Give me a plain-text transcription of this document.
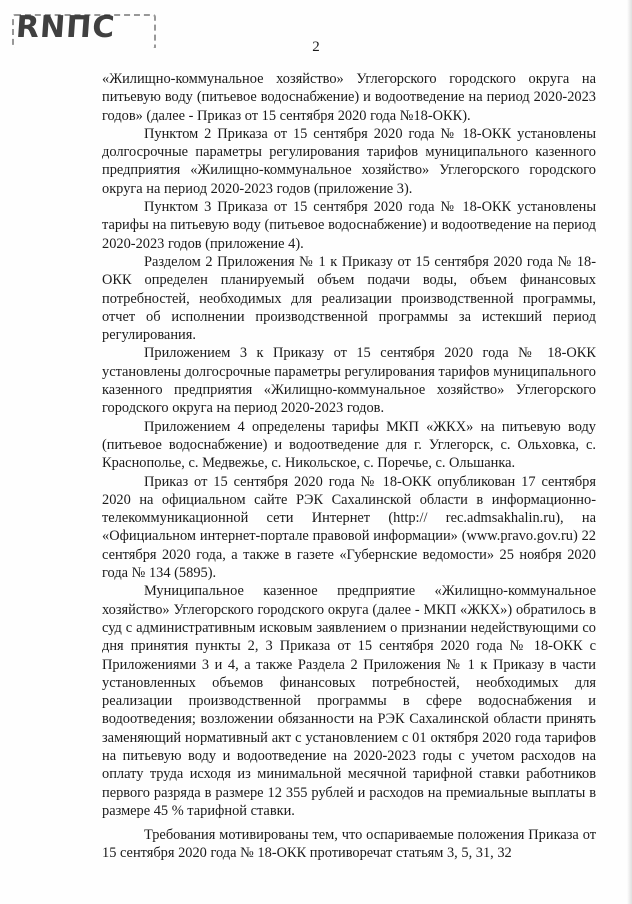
RNПС
2

«Жилищно-коммунальное хозяйство» Углегорского городского округа на питьевую воду (питьевое водоснабжение) и водоотведение на период 2020-2023 годов» (далее - Приказ от 15 сентября 2020 года №18-ОКК).

Пунктом 2 Приказа от 15 сентября 2020 года № 18-ОКК установлены долгосрочные параметры регулирования тарифов муниципального казенного предприятия «Жилищно-коммунальное хозяйство» Углегорского городского округа на период 2020-2023 годов (приложение 3).

Пунктом 3 Приказа от 15 сентября 2020 года № 18-ОКК установлены тарифы на питьевую воду (питьевое водоснабжение) и водоотведение на период 2020-2023 годов (приложение 4).

Разделом 2 Приложения № 1 к Приказу от 15 сентября 2020 года № 18-ОКК определен планируемый объем подачи воды, объем финансовых потребностей, необходимых для реализации производственной программы, отчет об исполнении производственной программы за истекший период регулирования.

Приложением 3 к Приказу от 15 сентября 2020 года № 18-ОКК установлены долгосрочные параметры регулирования тарифов муниципального казенного предприятия «Жилищно-коммунальное хозяйство» Углегорского городского округа на период 2020-2023 годов.

Приложением 4 определены тарифы МКП «ЖКХ» на питьевую воду (питьевое водоснабжение) и водоотведение для г. Углегорск, с. Ольховка, с. Краснополье, с. Медвежье, с. Никольское, с. Поречье, с. Ольшанка.

Приказ от 15 сентября 2020 года № 18-ОКК опубликован 17 сентября 2020 на официальном сайте РЭК Сахалинской области в информационно-телекоммуникационной сети Интернет (http:// rec.admsakhalin.ru), на «Официальном интернет-портале правовой информации» (www.pravo.gov.ru) 22 сентября 2020 года, а также в газете «Губернские ведомости» 25 ноября 2020 года № 134 (5895).

Муниципальное казенное предприятие «Жилищно-коммунальное хозяйство» Углегорского городского округа (далее - МКП «ЖКХ») обратилось в суд с административным исковым заявлением о признании недействующими со дня принятия пункты 2, 3 Приказа от 15 сентября 2020 года № 18-ОКК с Приложениями 3 и 4, а также Раздела 2 Приложения № 1 к Приказу в части установленных объемов финансовых потребностей, необходимых для реализации производственной программы в сфере водоснабжения и водоотведения; возложении обязанности на РЭК Сахалинской области принять заменяющий нормативный акт с установлением с 01 октября 2020 года тарифов на питьевую воду и водоотведение на 2020-2023 годы с учетом расходов на оплату труда исходя из минимальной месячной тарифной ставки работников первого разряда в размере 12 355 рублей и расходов на премиальные выплаты в размере 45 % тарифной ставки.

Требования мотивированы тем, что оспариваемые положения Приказа от 15 сентября 2020 года № 18-ОКК противоречат статьям 3, 5, 31, 32
